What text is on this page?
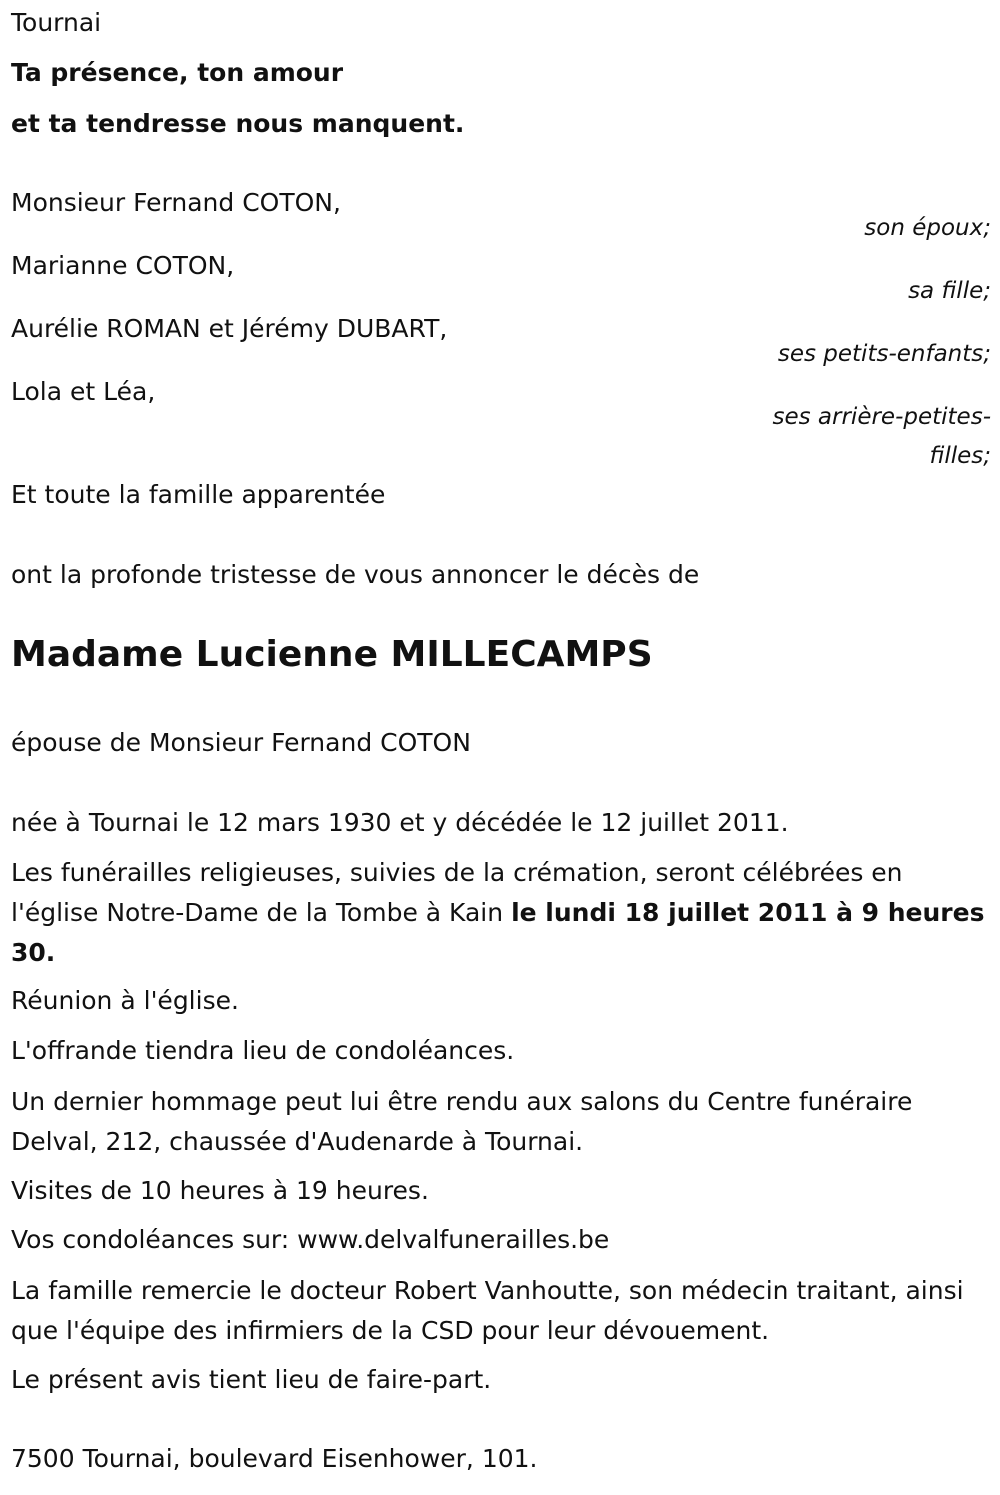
Tournai

Ta présence, ton amour

et ta tendresse nous manquent.

Monsieur Fernand COTON,

son époux;

Marianne COTON,

sa fille;

Aurélie ROMAN et Jérémy DUBART,

ses petits-enfants;

Lola et Léa,

ses arrière-petites-
filles;

Et toute la famille apparentée

ont la profonde tristesse de vous annoncer le décès de

Madame Lucienne MILLECAMPS

épouse de Monsieur Fernand COTON

née à Tournai le 12 mars 1930 et y décédée le 12 juillet 2011.

Les funérailles religieuses, suivies de la crémation, seront célébrées en l'église Notre-Dame de la Tombe à Kain le lundi 18 juillet 2011 à 9 heures 30.

Réunion à l'église.

L'offrande tiendra lieu de condoléances.

Un dernier hommage peut lui être rendu aux salons du Centre funéraire Delval, 212, chaussée d'Audenarde à Tournai.

Visites de 10 heures à 19 heures.

Vos condoléances sur: www.delvalfunerailles.be

La famille remercie le docteur Robert Vanhoutte, son médecin traitant, ainsi que l'équipe des infirmiers de la CSD pour leur dévouement.

Le présent avis tient lieu de faire-part.

7500 Tournai, boulevard Eisenhower, 101.
